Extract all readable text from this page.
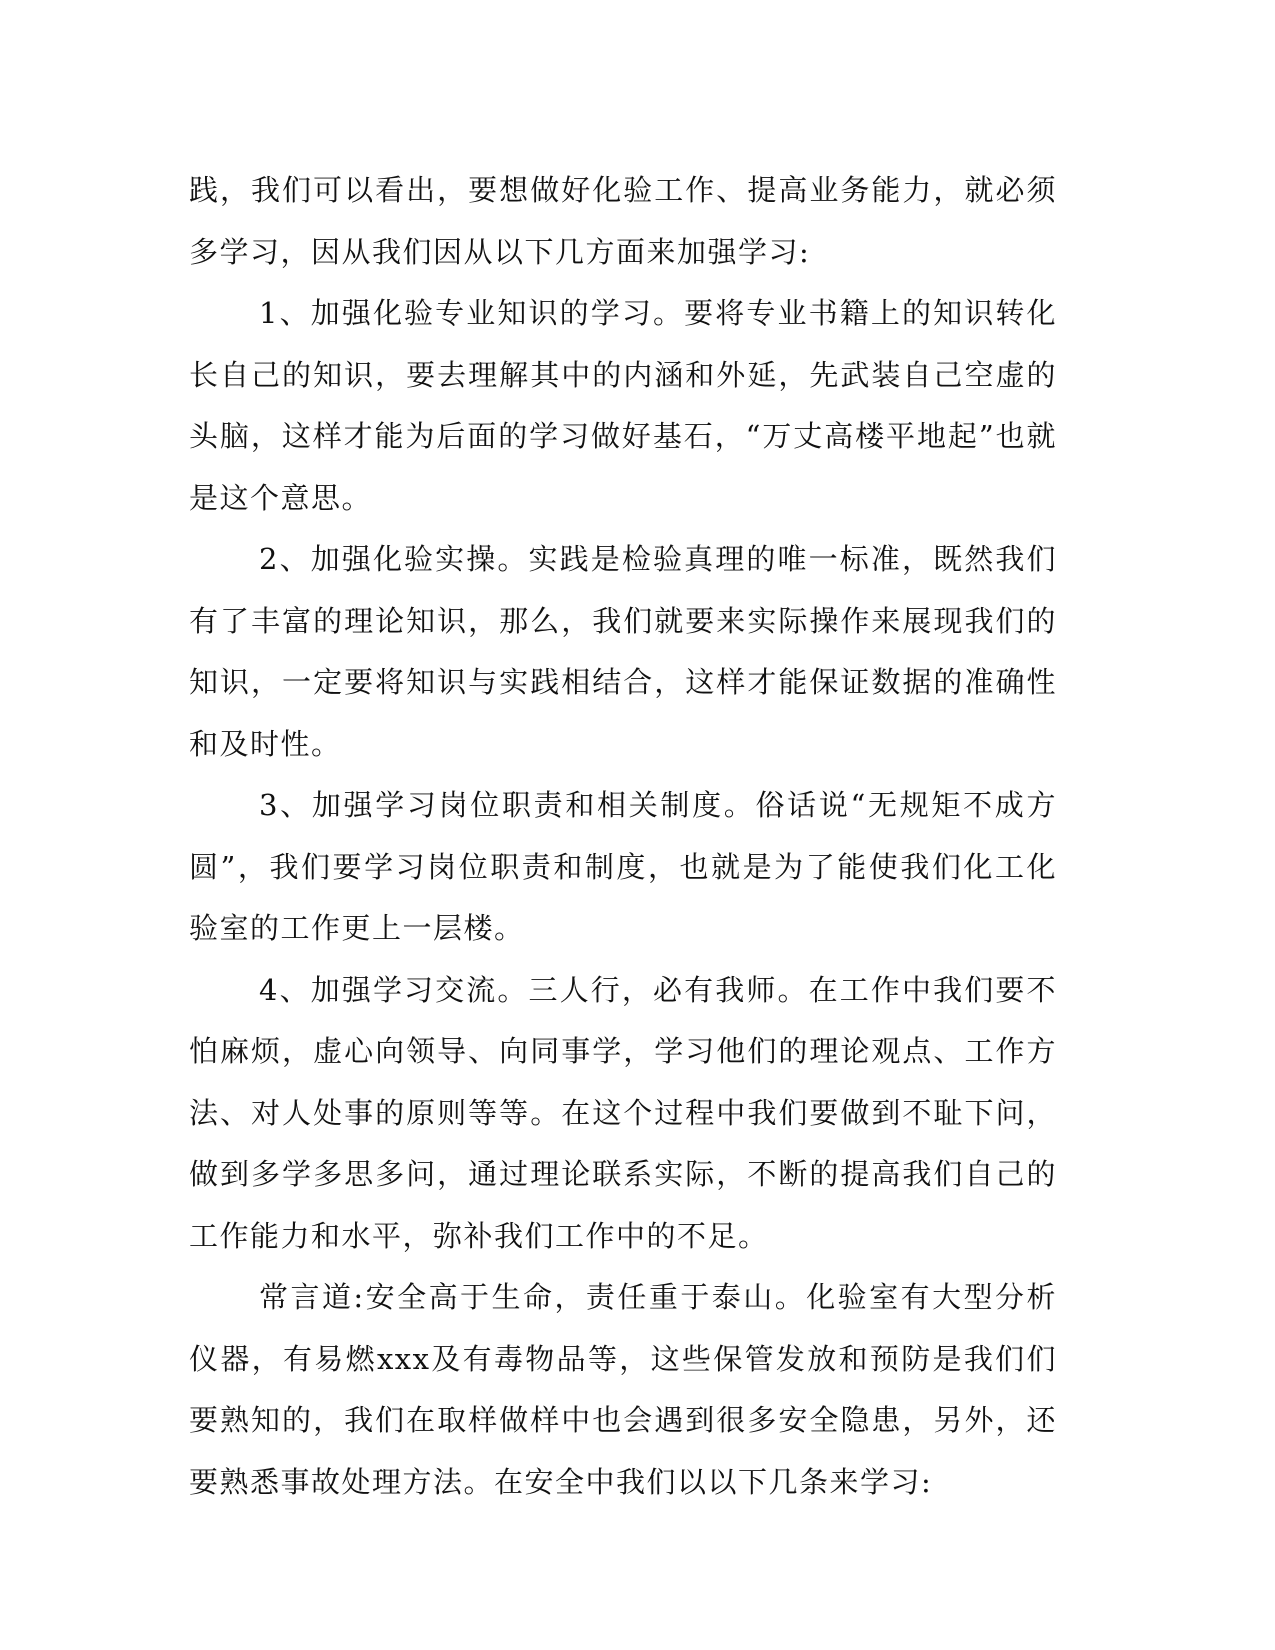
践，我们可以看出，要想做好化验工作、提高业务能力，就必须多学习，因从我们因从以下几方面来加强学习:

1、加强化验专业知识的学习。要将专业书籍上的知识转化长自己的知识，要去理解其中的内涵和外延，先武装自己空虚的头脑，这样才能为后面的学习做好基石，“万丈高楼平地起”也就是这个意思。

2、加强化验实操。实践是检验真理的唯一标准，既然我们有了丰富的理论知识，那么，我们就要来实际操作来展现我们的知识，一定要将知识与实践相结合，这样才能保证数据的准确性和及时性。

3、加强学习岗位职责和相关制度。俗话说“无规矩不成方圆”，我们要学习岗位职责和制度，也就是为了能使我们化工化验室的工作更上一层楼。

4、加强学习交流。三人行，必有我师。在工作中我们要不怕麻烦，虚心向领导、向同事学，学习他们的理论观点、工作方法、对人处事的原则等等。在这个过程中我们要做到不耻下问，做到多学多思多问，通过理论联系实际，不断的提高我们自己的工作能力和水平，弥补我们工作中的不足。

常言道:安全高于生命，责任重于泰山。化验室有大型分析仪器，有易燃xxx及有毒物品等，这些保管发放和预防是我们们要熟知的，我们在取样做样中也会遇到很多安全隐患，另外，还要熟悉事故处理方法。在安全中我们以以下几条来学习:
